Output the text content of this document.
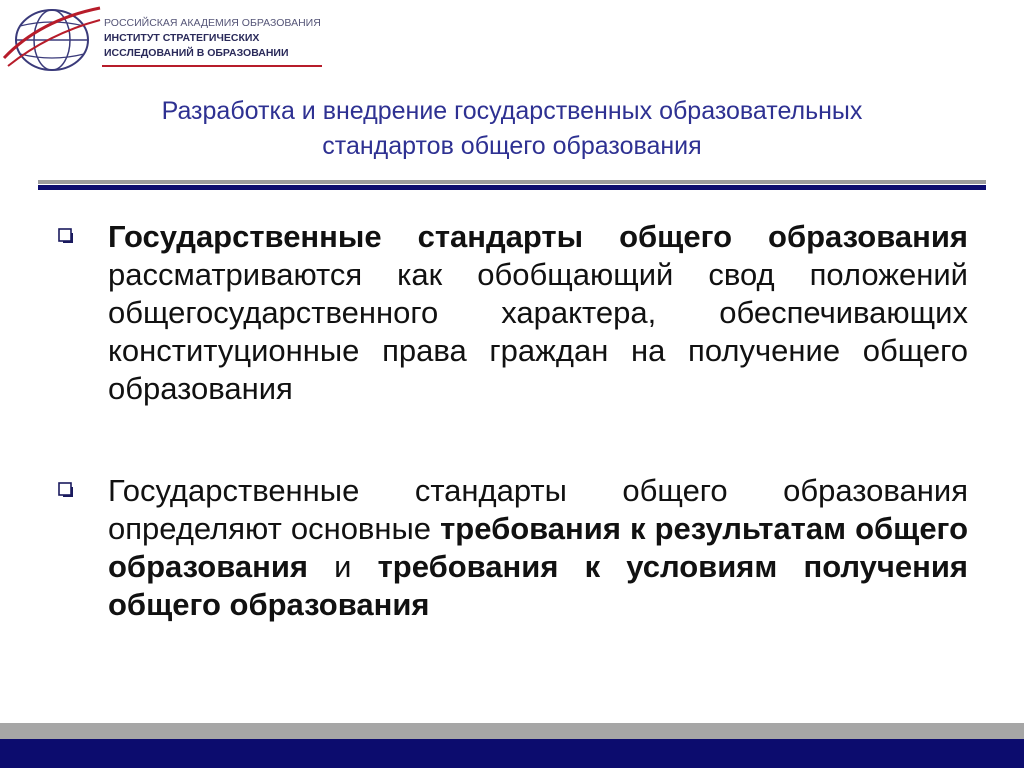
РОССИЙСКАЯ АКАДЕМИЯ ОБРАЗОВАНИЯ
ИНСТИТУТ СТРАТЕГИЧЕСКИХ
ИССЛЕДОВАНИЙ В ОБРАЗОВАНИИ
Разработка и внедрение государственных образовательных
стандартов общего образования

Государственные стандарты общего образования рассматриваются как обобщающий свод положений общегосударственного характера, обеспечивающих конституционные права граждан на получение общего образования

Государственные стандарты общего образования определяют основные требования к результатам общего образования и требования к условиям получения общего образования
